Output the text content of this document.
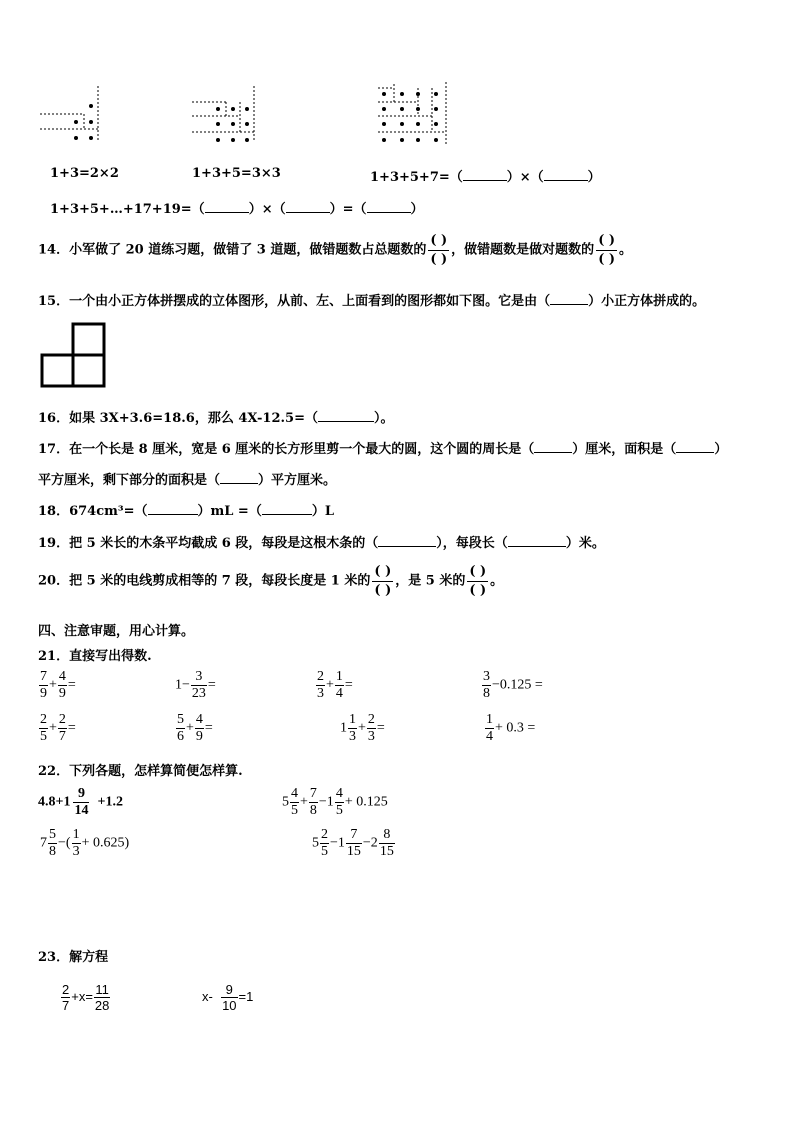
1+3=2×2	1+3+5=3×3	1+3+5+7=（	）×（	）
1+3+5+…+17+19=（	）×（	）=（	）
14．小军做了 20 道练习题，做错了 3 道题，做错题数占总题数的
( )
( )
，做错题数是做对题数的
( )
( )
。
15．一个由小正方体拼摆成的立体图形，从前、左、上面看到的图形都如下图。它是由（	）小正方体拼成的。
16．如果 3X+3.6=18.6，那么 4X-12.5=（	）。
17．在一个长是 8 厘米，宽是 6 厘米的长方形里剪一个最大的圆，这个圆的周长是（	）厘米，面积是（	）
平方厘米，剩下部分的面积是（	）平方厘米。
18．674cm³=（	）mL =（	）L
19．把 5 米长的木条平均截成 6 段，每段是这根木条的（	），每段长（	）米。
20．把 5 米的电线剪成相等的 7 段，每段长度是 1 米的
( )
( )
，是 5 米的
( )
( )
。
四、注意审题，用心计算。
21．直接写出得数.
$\frac{7}{9} + \frac{4}{9}$ =	$1- \frac{3}{23}$ =	$\frac{2}{3} + \frac{1}{4}$ =	$\frac{3}{8} -0.125$ =
$\frac{2}{5} + \frac{2}{7}$ =	$\frac{5}{6} + \frac{4}{9}$ =	$1 \frac{1}{3} + \frac{2}{3}$ =	$\frac{1}{4} + 0.3$ =
22．下列各题，怎样算简便怎样算.
$4.8+1 \frac{9}{14} +1.2$	$5 \frac{4}{5} + \frac{7}{8} -1 \frac{4}{5} + 0.125$
$7 \frac{5}{8}$ −( $\frac{1}{3} + 0.625$)	$5 \frac{2}{5} -1 \frac{7}{15} -2 \frac{8}{15}$
23．解方程
$\frac{2}{7} +x= \frac{11}{28}$	$x- \frac{9}{10} =1$
